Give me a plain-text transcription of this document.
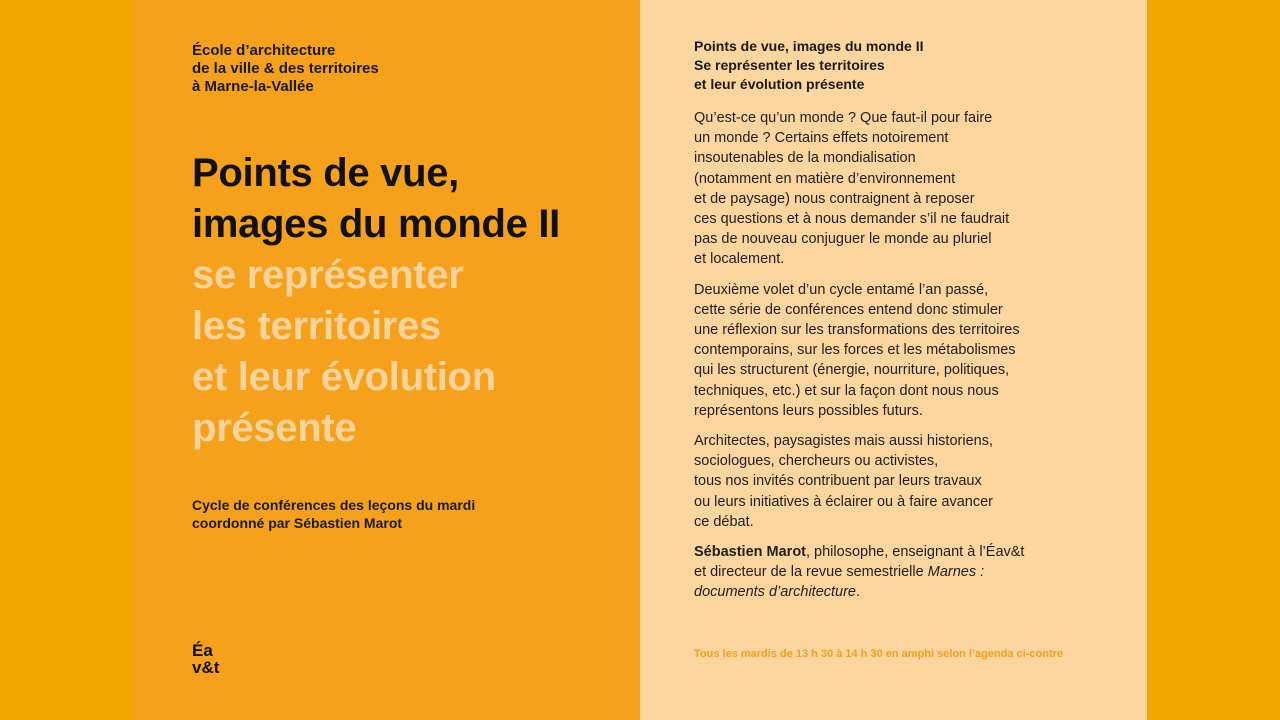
École d’architecture
de la ville & des territoires
à Marne-la-Vallée
Points de vue,
images du monde II
se représenter
les territoires
et leur évolution
présente
Cycle de conférences des leçons du mardi
coordonné par Sébastien Marot
Éa
v&t
Points de vue, images du monde II
Se représenter les territoires
et leur évolution présente

Qu’est-ce qu’un monde ? Que faut-il pour faire
un monde ? Certains effets notoirement
insoutenables de la mondialisation
(notamment en matière d’environnement
et de paysage) nous contraignent à reposer
ces questions et à nous demander s’il ne faudrait
pas de nouveau conjuguer le monde au pluriel
et localement.

Deuxième volet d’un cycle entamé l’an passé,
cette série de conférences entend donc stimuler
une réflexion sur les transformations des territoires
contemporains, sur les forces et les métabolismes
qui les structurent (énergie, nourriture, politiques,
techniques, etc.) et sur la façon dont nous nous
représentons leurs possibles futurs.

Architectes, paysagistes mais aussi historiens,
sociologues, chercheurs ou activistes,
tous nos invités contribuent par leurs travaux
ou leurs initiatives à éclairer ou à faire avancer
ce débat.

Sébastien Marot, philosophe, enseignant à l’Éav&t
et directeur de la revue semestrielle Marnes :
documents d’architecture.

Tous les mardis de 13 h 30 à 14 h 30 en amphi selon l’agenda ci-contre
